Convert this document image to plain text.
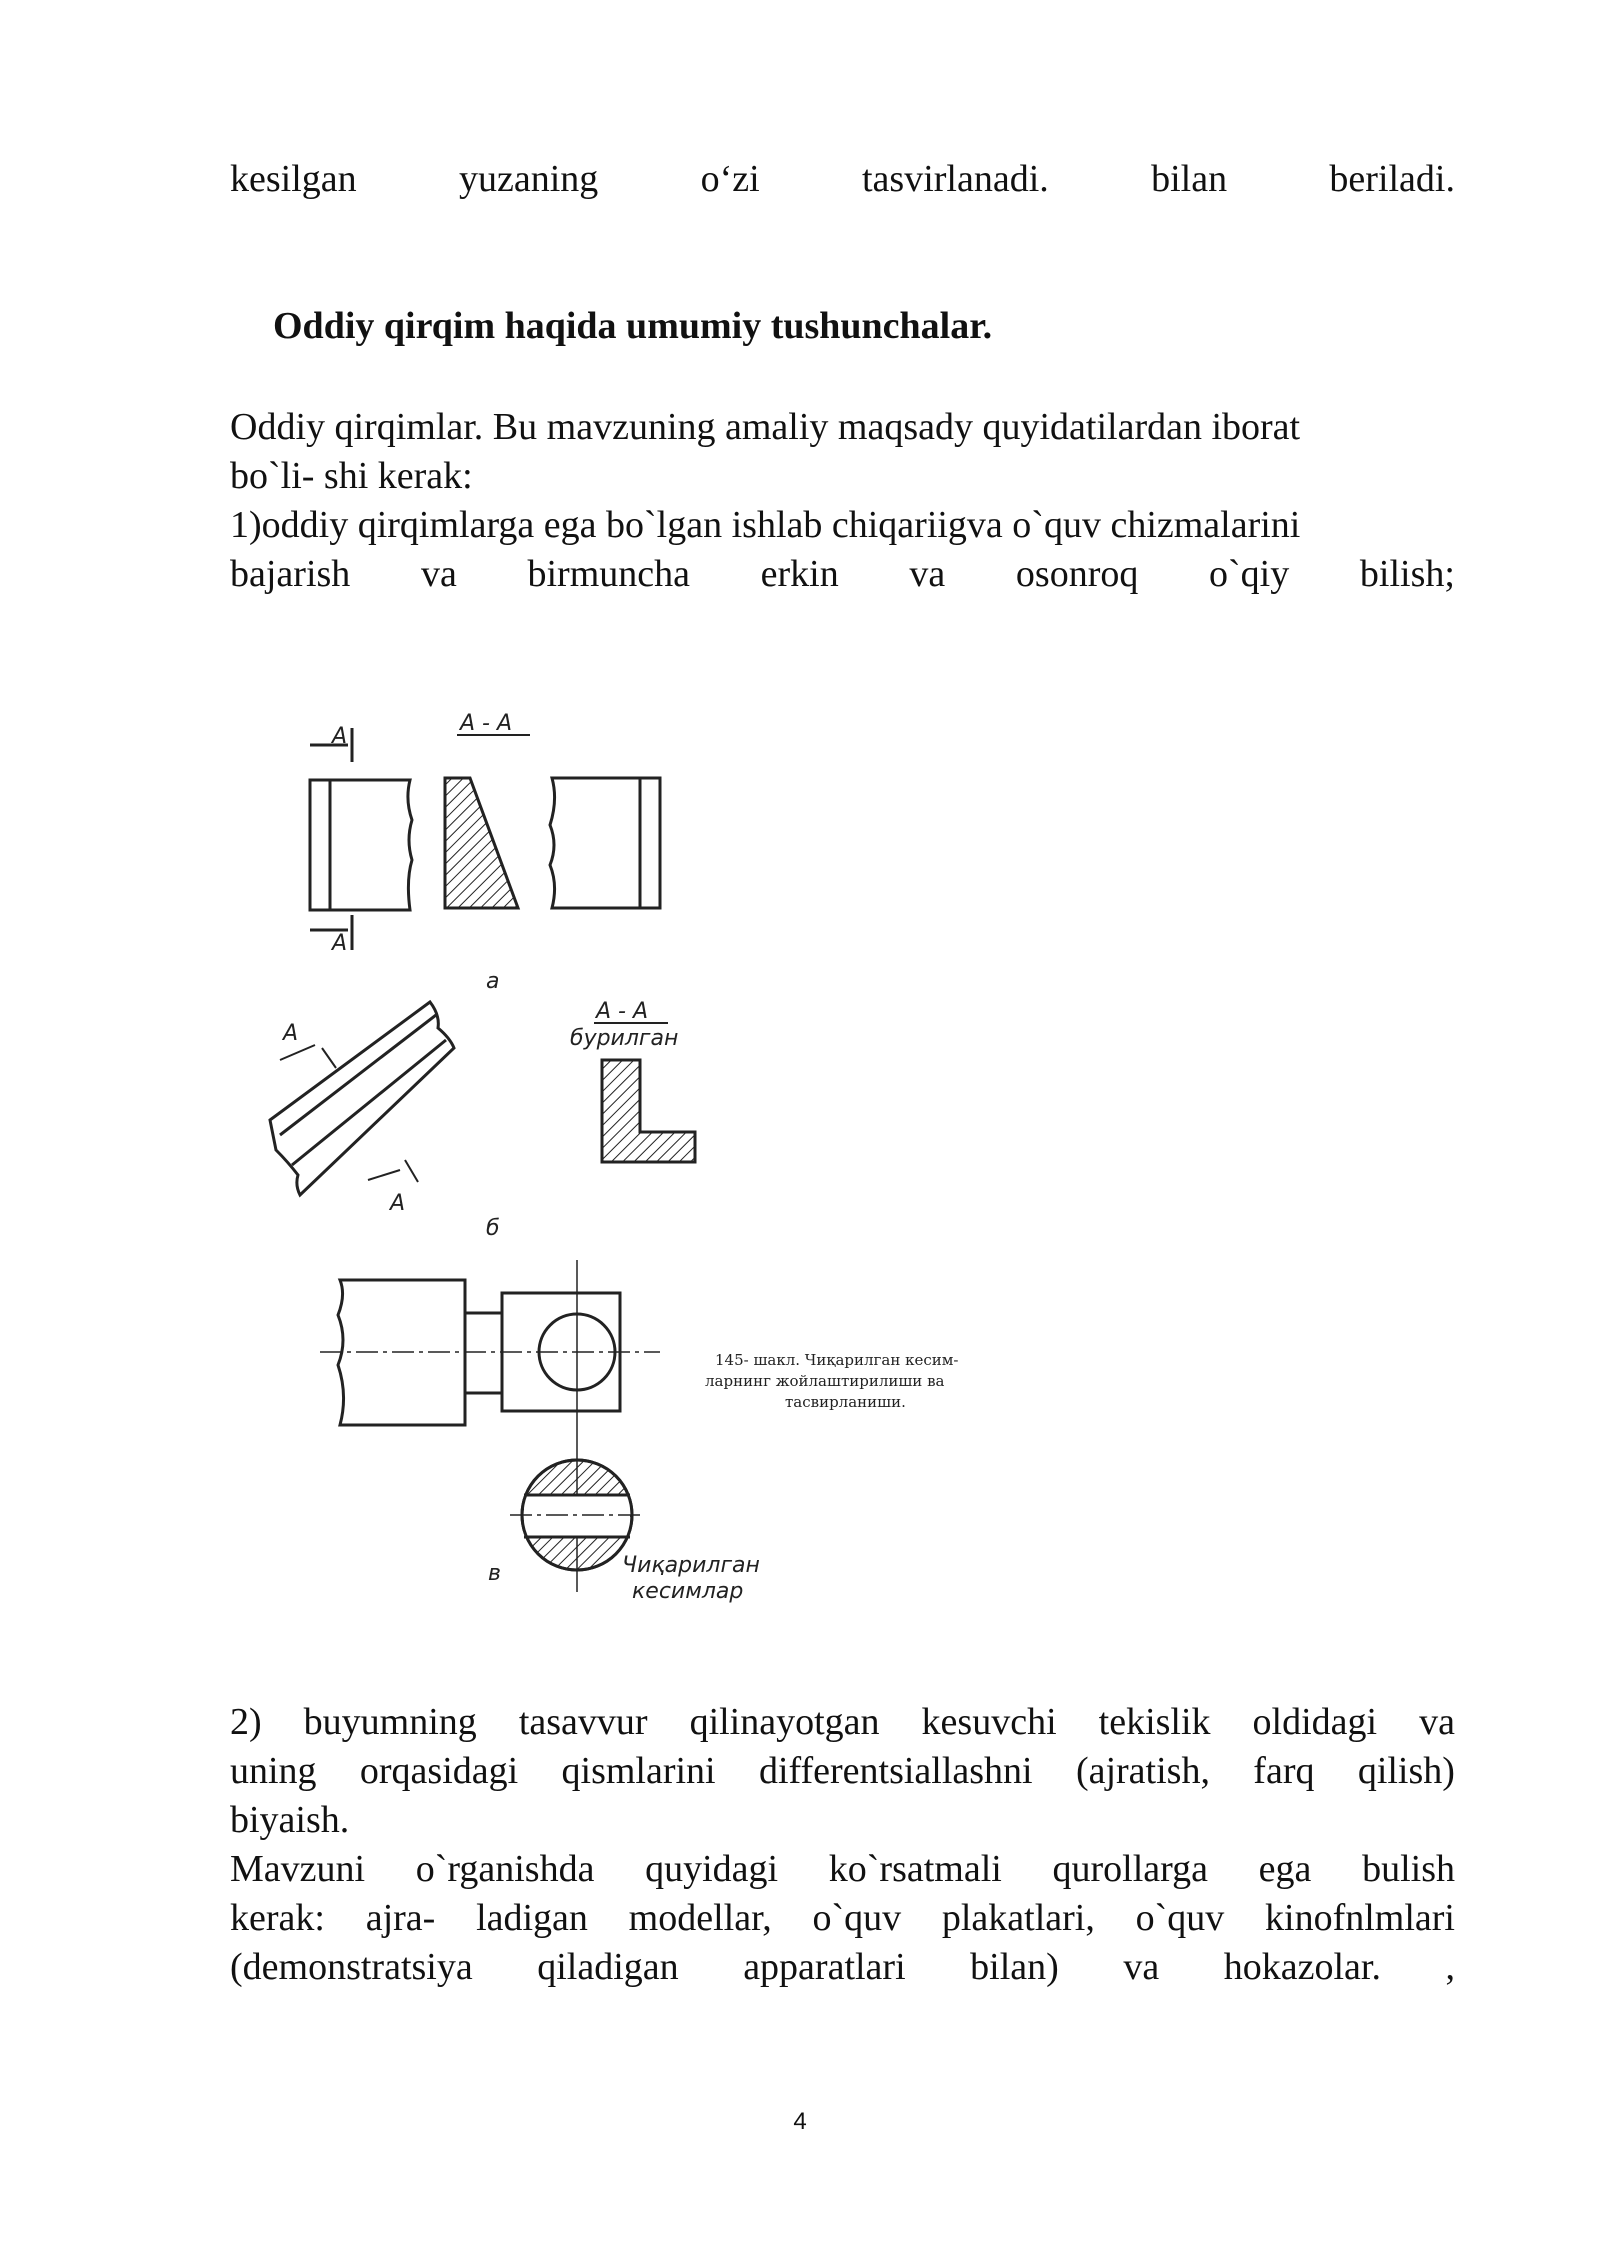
kesilgan	yuzaning	o‘zi	tasvirlanadi.	bilan	beriladi.
Oddiy qirqim haqida umumiy tushunchalar.
Oddiy qirqimlar. Bu mavzuning amaliy maqsady quyidatilardan iborat
bo`li- shi kerak:
1)oddiy qirqimlarga ega bo`lgan ishlab chiqariigva o`quv chizmalarini
bajarish va birmuncha erkin va osonroq o`qiy bilish;
A
A - A
A
a
A
A
A - A
бурилган
б
в	Чиқарилган
кесимлар
145- шакл. Чиқарилган кесим-
ларнинг жойлаштирилиши ва
тасвирланиши.
2) buyumning tasavvur qilinayotgan kesuvchi tekislik oldidagi va
uning orqasidagi qismlarini differentsiallashni (ajratish, farq qilish)
biyaish.
Mavzuni o`rganishda quyidagi ko`rsatmali qurollarga ega bulish
kerak: ajra- ladigan modellar, o`quv plakatlari, o`quv kinofnlmlari
(demonstratsiya qiladigan apparatlari bilan) va hokazolar. ,
4
